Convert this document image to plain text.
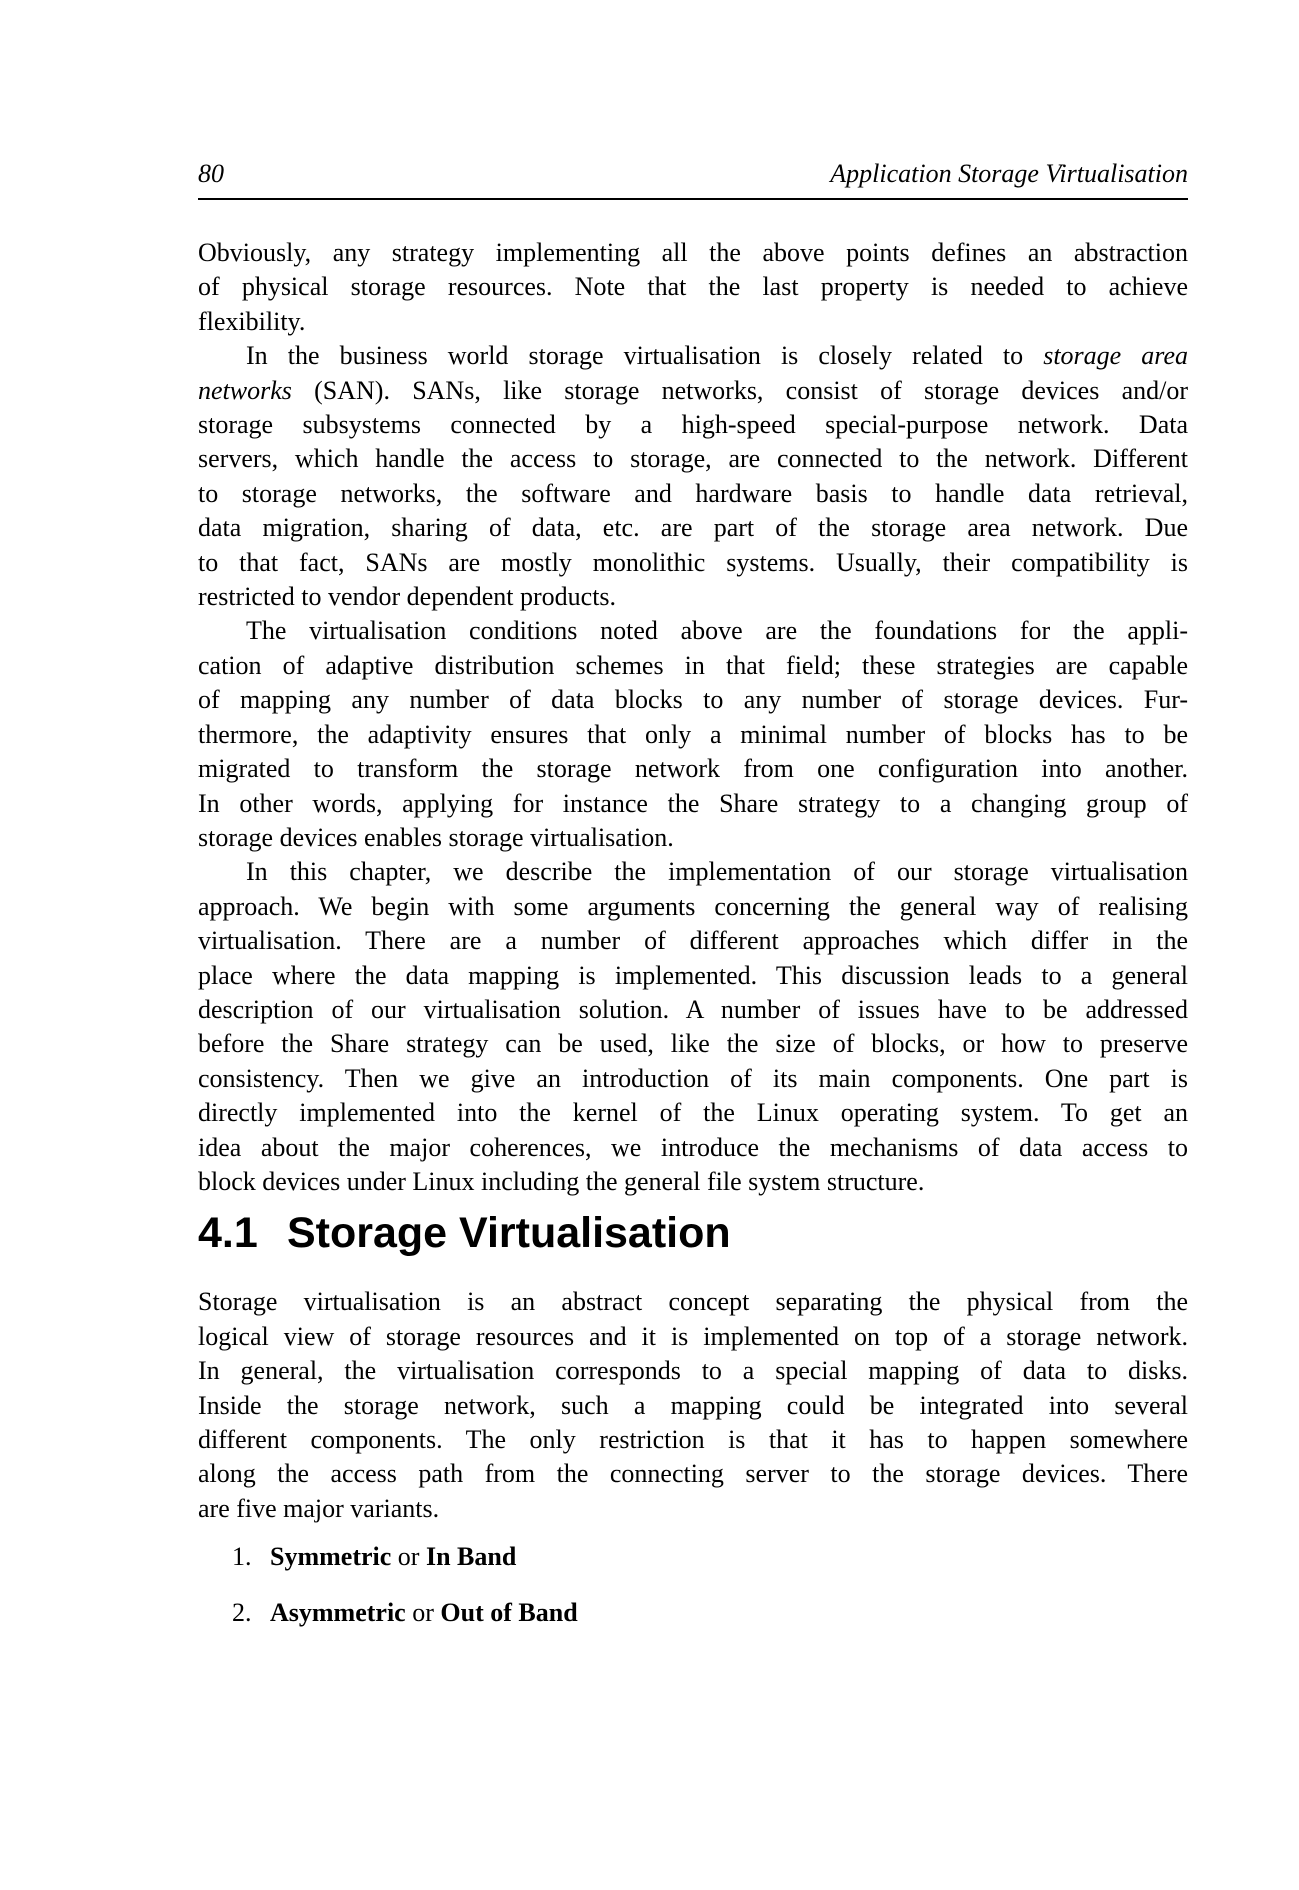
80	Application Storage Virtualisation
Obviously, any strategy implementing all the above points defines an abstraction
of physical storage resources. Note that the last property is needed to achieve
flexibility.
In the business world storage virtualisation is closely related to storage area
networks (SAN). SANs, like storage networks, consist of storage devices and/or
storage subsystems connected by a high-speed special-purpose network. Data
servers, which handle the access to storage, are connected to the network. Different
to storage networks, the software and hardware basis to handle data retrieval,
data migration, sharing of data, etc. are part of the storage area network. Due
to that fact, SANs are mostly monolithic systems. Usually, their compatibility is
restricted to vendor dependent products.
The virtualisation conditions noted above are the foundations for the appli-
cation of adaptive distribution schemes in that field; these strategies are capable
of mapping any number of data blocks to any number of storage devices. Fur-
thermore, the adaptivity ensures that only a minimal number of blocks has to be
migrated to transform the storage network from one configuration into another.
In other words, applying for instance the Share strategy to a changing group of
storage devices enables storage virtualisation.
In this chapter, we describe the implementation of our storage virtualisation
approach. We begin with some arguments concerning the general way of realising
virtualisation. There are a number of different approaches which differ in the
place where the data mapping is implemented. This discussion leads to a general
description of our virtualisation solution. A number of issues have to be addressed
before the Share strategy can be used, like the size of blocks, or how to preserve
consistency. Then we give an introduction of its main components. One part is
directly implemented into the kernel of the Linux operating system. To get an
idea about the major coherences, we introduce the mechanisms of data access to
block devices under Linux including the general file system structure.
4.1 Storage Virtualisation
Storage virtualisation is an abstract concept separating the physical from the
logical view of storage resources and it is implemented on top of a storage network.
In general, the virtualisation corresponds to a special mapping of data to disks.
Inside the storage network, such a mapping could be integrated into several
different components. The only restriction is that it has to happen somewhere
along the access path from the connecting server to the storage devices. There
are five major variants.
1. Symmetric or In Band
2. Asymmetric or Out of Band
